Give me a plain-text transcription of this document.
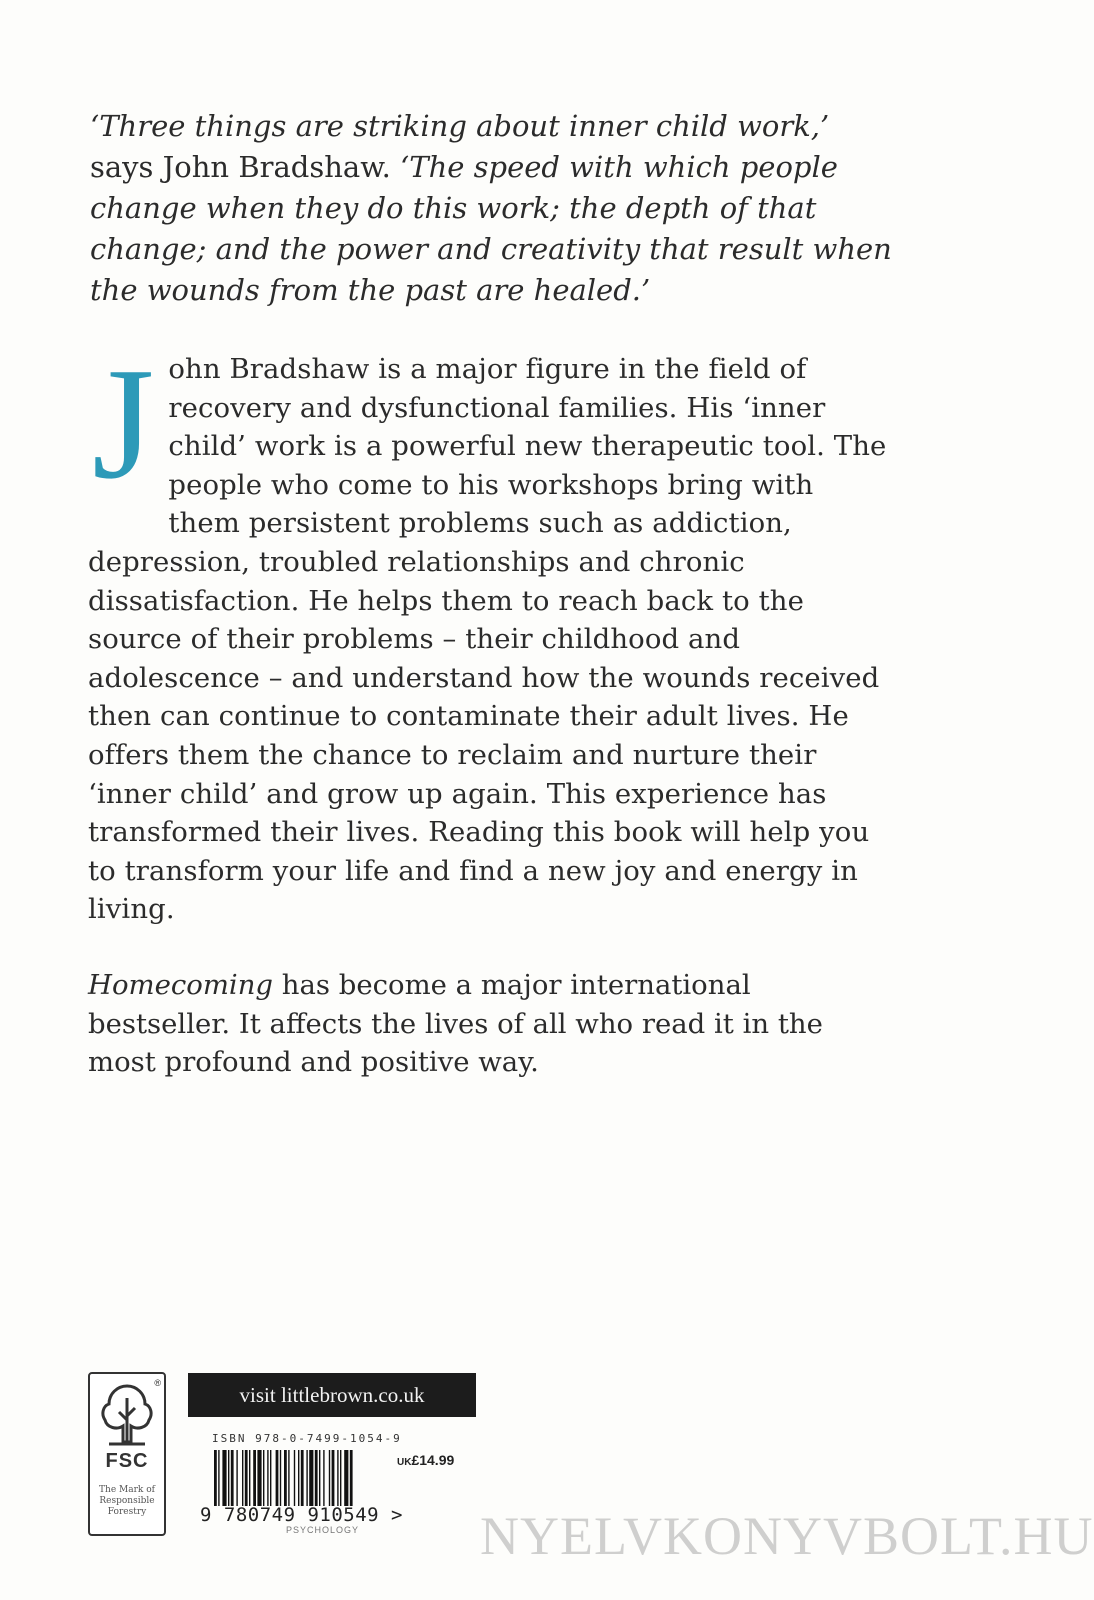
‘Three things are striking about inner child work,’
says John Bradshaw. ‘The speed with which people change when they do this work; the depth of that change; and the power and creativity that result when the wounds from the past are healed.’

John Bradshaw is a major figure in the field of recovery and dysfunctional families. His ‘inner child’ work is a powerful new therapeutic tool. The people who come to his workshops bring with them persistent problems such as addiction, depression, troubled relationships and chronic dissatisfaction. He helps them to reach back to the source of their problems – their childhood and adolescence – and understand how the wounds received then can continue to contaminate their adult lives. He offers them the chance to reclaim and nurture their ‘inner child’ and grow up again. This experience has transformed their lives. Reading this book will help you to transform your life and find a new joy and energy in living.

Homecoming has become a major international bestseller. It affects the lives of all who read it in the most profound and positive way.

®
FSC
The Mark of Responsible Forestry
visit littlebrown.co.uk
ISBN 978-0-7499-1054-9
UK£14.99
9 780749 910549 >
PSYCHOLOGY NYELVKONYVBOLT.HU
